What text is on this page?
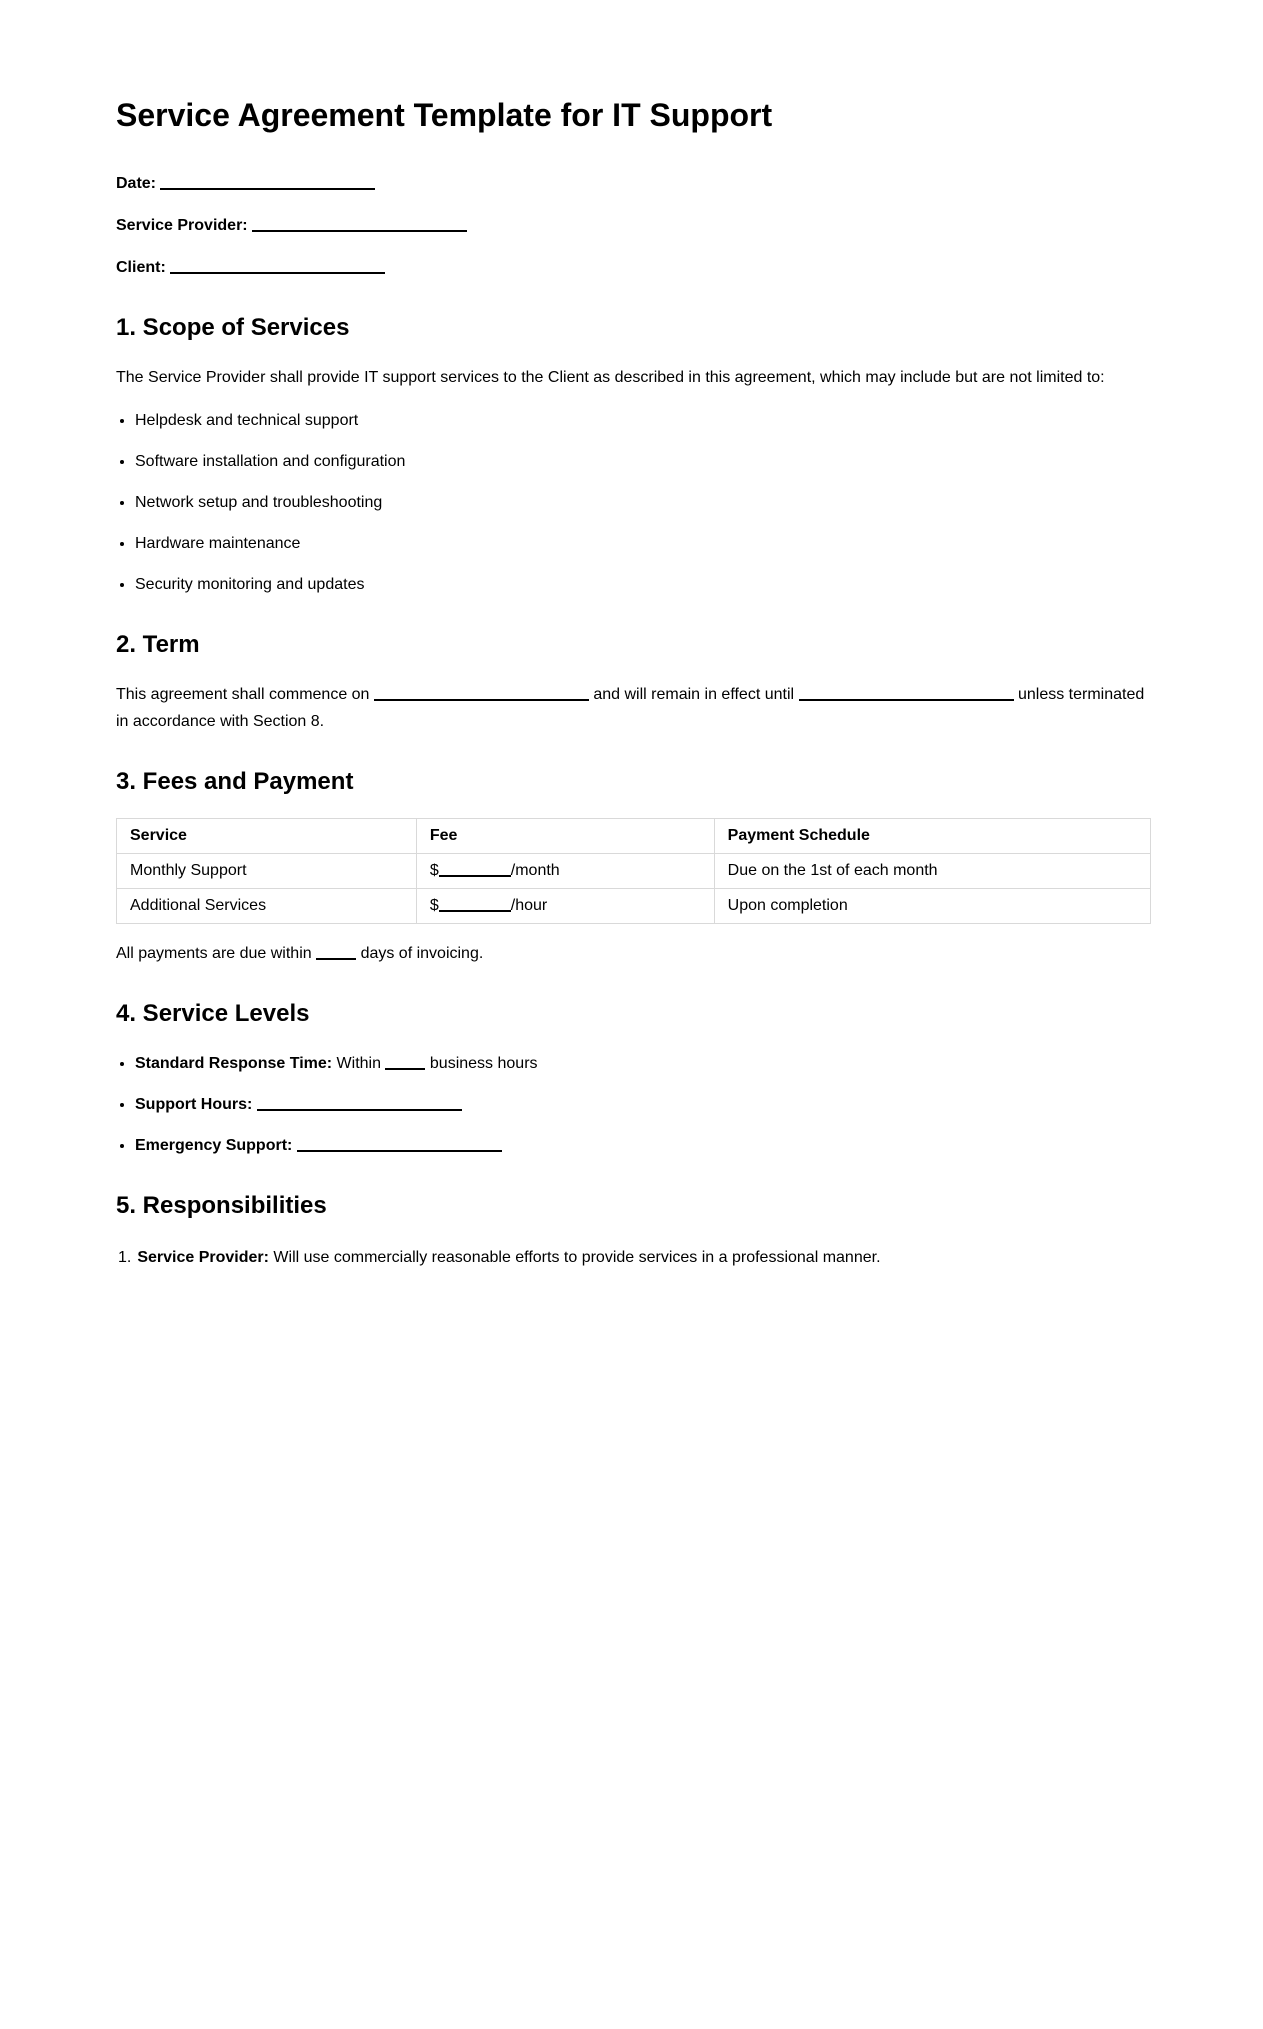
Service Agreement Template for IT Support

Date:

Service Provider:

Client:

1. Scope of Services

The Service Provider shall provide IT support services to the Client as described in this agreement, which may include but are not limited to:

• Helpdesk and technical support
• Software installation and configuration
• Network setup and troubleshooting
• Hardware maintenance
• Security monitoring and updates
2. Term

This agreement shall commence on	and will remain in effect until	unless terminated in accordance with Section 8.

3. Fees and Payment
Service	Fee	Payment Schedule
Monthly Support	$ /month	Due on the 1st of each month
Additional Services	$ /hour	Upon completion

All payments are due within	days of invoicing.

4. Service Levels
• Standard Response Time: Within	business hours
• Support Hours:
• Emergency Support:
5. Responsibilities

1. Service Provider: Will use commercially reasonable efforts to provide services in a professional manner.
